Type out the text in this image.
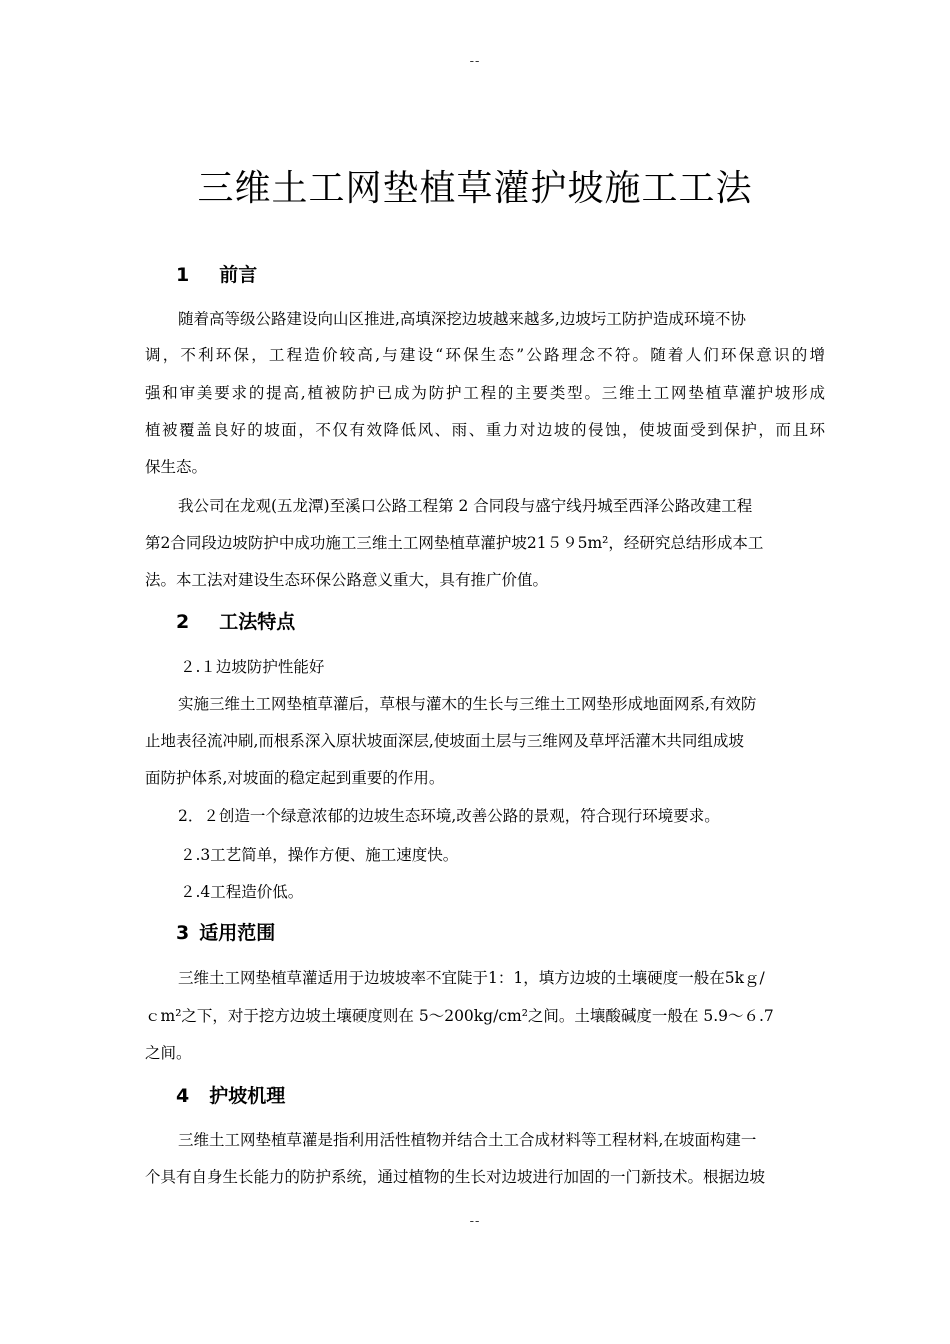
--
三维土工网垫植草灌护坡施工工法
1 前言
随着高等级公路建设向山区推进,高填深挖边坡越来越多,边坡圬工防护造成环境不协
调，不利环保，工程造价较高,与建设“环保生态”公路理念不符。随着人们环保意识的增
强和审美要求的提高,植被防护已成为防护工程的主要类型。三维土工网垫植草灌护坡形成
植被覆盖良好的坡面，不仅有效降低风、雨、重力对边坡的侵蚀，使坡面受到保护，而且环
保生态。
我公司在龙观(五龙潭)至溪口公路工程第 2 合同段与盛宁线丹城至西泽公路改建工程
第2合同段边坡防护中成功施工三维土工网垫植草灌护坡21５９5m²，经研究总结形成本工
法。本工法对建设生态环保公路意义重大，具有推广价值。
2 工法特点
２.１边坡防护性能好
实施三维土工网垫植草灌后，草根与灌木的生长与三维土工网垫形成地面网系,有效防
止地表径流冲刷,而根系深入原状坡面深层,使坡面土层与三维网及草坪活灌木共同组成坡
面防护体系,对坡面的稳定起到重要的作用。
2．２创造一个绿意浓郁的边坡生态环境,改善公路的景观，符合现行环境要求。
２.3工艺简单，操作方便、施工速度快。
２.4工程造价低。
3 适用范围
三维土工网垫植草灌适用于边坡坡率不宜陡于1：1，填方边坡的土壤硬度一般在5kｇ/
ｃm²之下，对于挖方边坡土壤硬度则在 5～200kg/cm²之间。土壤酸碱度一般在 5.9～６.7
之间。
4 护坡机理
三维土工网垫植草灌是指利用活性植物并结合土工合成材料等工程材料,在坡面构建一
个具有自身生长能力的防护系统，通过植物的生长对边坡进行加固的一门新技术。根据边坡
--
